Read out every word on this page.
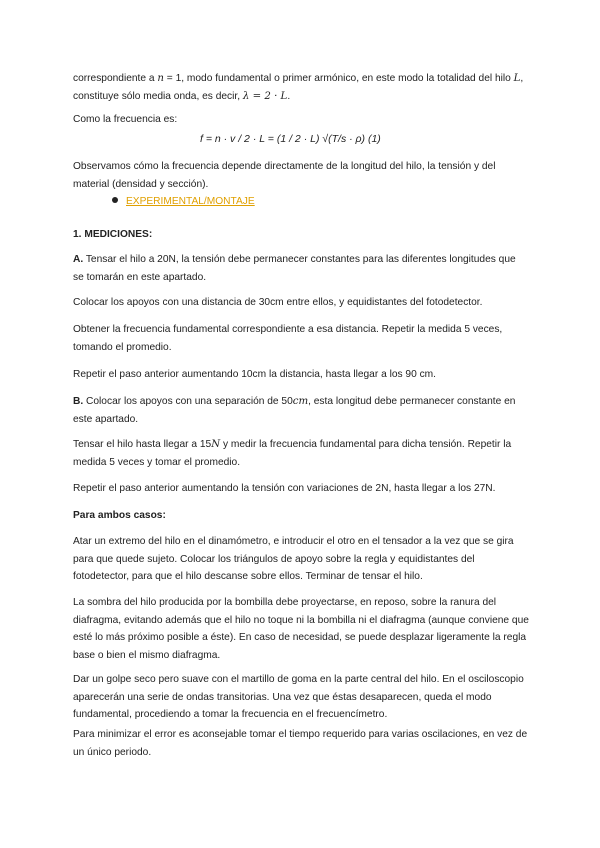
correspondiente a n = 1, modo fundamental o primer armónico, en este modo la totalidad del hilo L,
constituye sólo media onda, es decir, λ = 2 · L.

Como la frecuencia es:

f = n · v / 2 · L = (1 / 2 · L) √(T/s · ρ) (1)

Observamos cómo la frecuencia depende directamente de la longitud del hilo, la tensión y del material (densidad y sección).

EXPERIMENTAL/MONTAJE

1. MEDICIONES:

A. Tensar el hilo a 20N, la tensión debe permanecer constantes para las diferentes longitudes que se tomarán en este apartado.

Colocar los apoyos con una distancia de 30cm entre ellos, y equidistantes del fotodetector.

Obtener la frecuencia fundamental correspondiente a esa distancia. Repetir la medida 5 veces, tomando el promedio.

Repetir el paso anterior aumentando 10cm la distancia, hasta llegar a los 90 cm.

B. Colocar los apoyos con una separación de 50cm, esta longitud debe permanecer constante en este apartado.

Tensar el hilo hasta llegar a 15N y medir la frecuencia fundamental para dicha tensión. Repetir la medida 5 veces y tomar el promedio.

Repetir el paso anterior aumentando la tensión con variaciones de 2N, hasta llegar a los 27N.

Para ambos casos:

Atar un extremo del hilo en el dinamómetro, e introducir el otro en el tensador a la vez que se gira para que quede sujeto. Colocar los triángulos de apoyo sobre la regla y equidistantes del fotodetector, para que el hilo descanse sobre ellos. Terminar de tensar el hilo.

La sombra del hilo producida por la bombilla debe proyectarse, en reposo, sobre la ranura del diafragma, evitando además que el hilo no toque ni la bombilla ni el diafragma (aunque conviene que esté lo más próximo posible a éste). En caso de necesidad, se puede desplazar ligeramente la regla base o bien el mismo diafragma.

Dar un golpe seco pero suave con el martillo de goma en la parte central del hilo. En el osciloscopio aparecerán una serie de ondas transitorias. Una vez que éstas desaparecen, queda el modo fundamental, procediendo a tomar la frecuencia en el frecuencímetro.

Para minimizar el error es aconsejable tomar el tiempo requerido para varias oscilaciones, en vez de un único periodo.
